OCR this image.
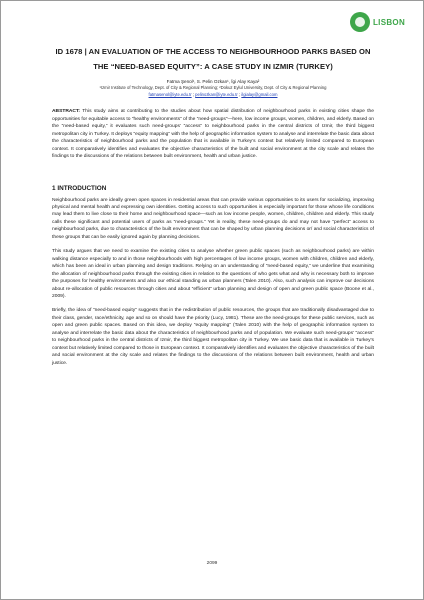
LISBON
ID 1678 | AN EVALUATION OF THE ACCESS TO NEIGHBOURHOOD PARKS BASED ON THE “NEED-BASED EQUITY”: A CASE STUDY IN IZMIR (TURKEY)
Fatma Şenol¹, S. Pelin Ozkan¹, Îgi Alay Kaya²
¹Izmir Institute of Technology, Dept. of City & Regional Planning; ²Dokuz Eylul University, Dept. of City & Regional Planning
fatmasenol@iyte.edu.tr ; pelinozkan@iyte.edu.tr ; ilgialay@gmail.com
ABSTRACT: This study aims at contributing to the studies about how spatial distribution of neighbourhood parks in existing cities shape the opportunities for equitable access to “healthy environments” of the “need-groups”—here, low income groups, women, children, and elderly. Based on the “need-based equity,” it evaluates such need-groups’ “access” to neighbourhood parks in the central districts of Izmir, the third biggest metropolitan city in Turkey. It deploys “equity mapping” with the help of geographic information system to analyse and interrelate the basic data about the characteristics of neighbourhood parks and the population that is available in Turkey’s context but relatively limited compared to European context. It comparatively identifies and evaluates the objective characteristics of the built and social environment at the city scale and relates the findings to the discussions of the relations between built environment, health and urban justice.
1 INTRODUCTION

Neighbourhood parks are ideally green open spaces in residential areas that can provide various opportunities to its users for socializing, improving physical and mental health and expressing own identities. Getting access to such opportunities is especially important for those whose life conditions may lead them to live close to their home and neighbourhood space—such as low income people, women, children, children and elderly. This study calls these significant and potential users of parks as “need-groups.” Yet in reality, these need-groups do and may not have “perfect” access to neighbourhood parks, due to characteristics of the built environment that can be shaped by urban planning decisions or/ and social characteristics of these groups that can be easily ignored again by planning decisions.

This study argues that we need to examine the existing cities to analyse whether green public spaces (such as neighbourhood parks) are within walking distance especially to and in those neighbourhoods with high percentages of low income groups, women with children, children and elderly, which has been an ideal in urban planning and design traditions. Relying on an understanding of “need-based equity,” we underline that examining the allocation of neighbourhood parks through the existing cities in relation to the questions of who gets what and why is necessary both to improve the purposes for healthy environments and also our ethical standing as urban planners (Talen 2010). Also, such analysis can improve our decisions about re-allocation of public resources through cities and about “efficient” urban planning and design of open and green public space (Boone et al., 2009).

Briefly, the idea of “need-based equity” suggests that in the redistribution of public resources, the groups that are traditionally disadvantaged due to their class, gender, race/ethnicity, age and so on should have the priority (Lucy, 1981). These are the need-groups for these public services, such as open and green public spaces. Based on this idea, we deploy “equity mapping” (Talen 2010) with the help of geographic information system to analyse and interrelate the basic data about the characteristics of neighbourhood parks and of population. We evaluate such need-groups’ “access” to neighbourhood parks in the central districts of Izmir, the third biggest metropolitan city in Turkey. We use basic data that is available in Turkey’s context but relatively limited compared to those in European context. It comparatively identifies and evaluates the objective characteristics of the built and social environment at the city scale and relates the findings to the discussions of the relations between built environment, health and urban justice.

2099
